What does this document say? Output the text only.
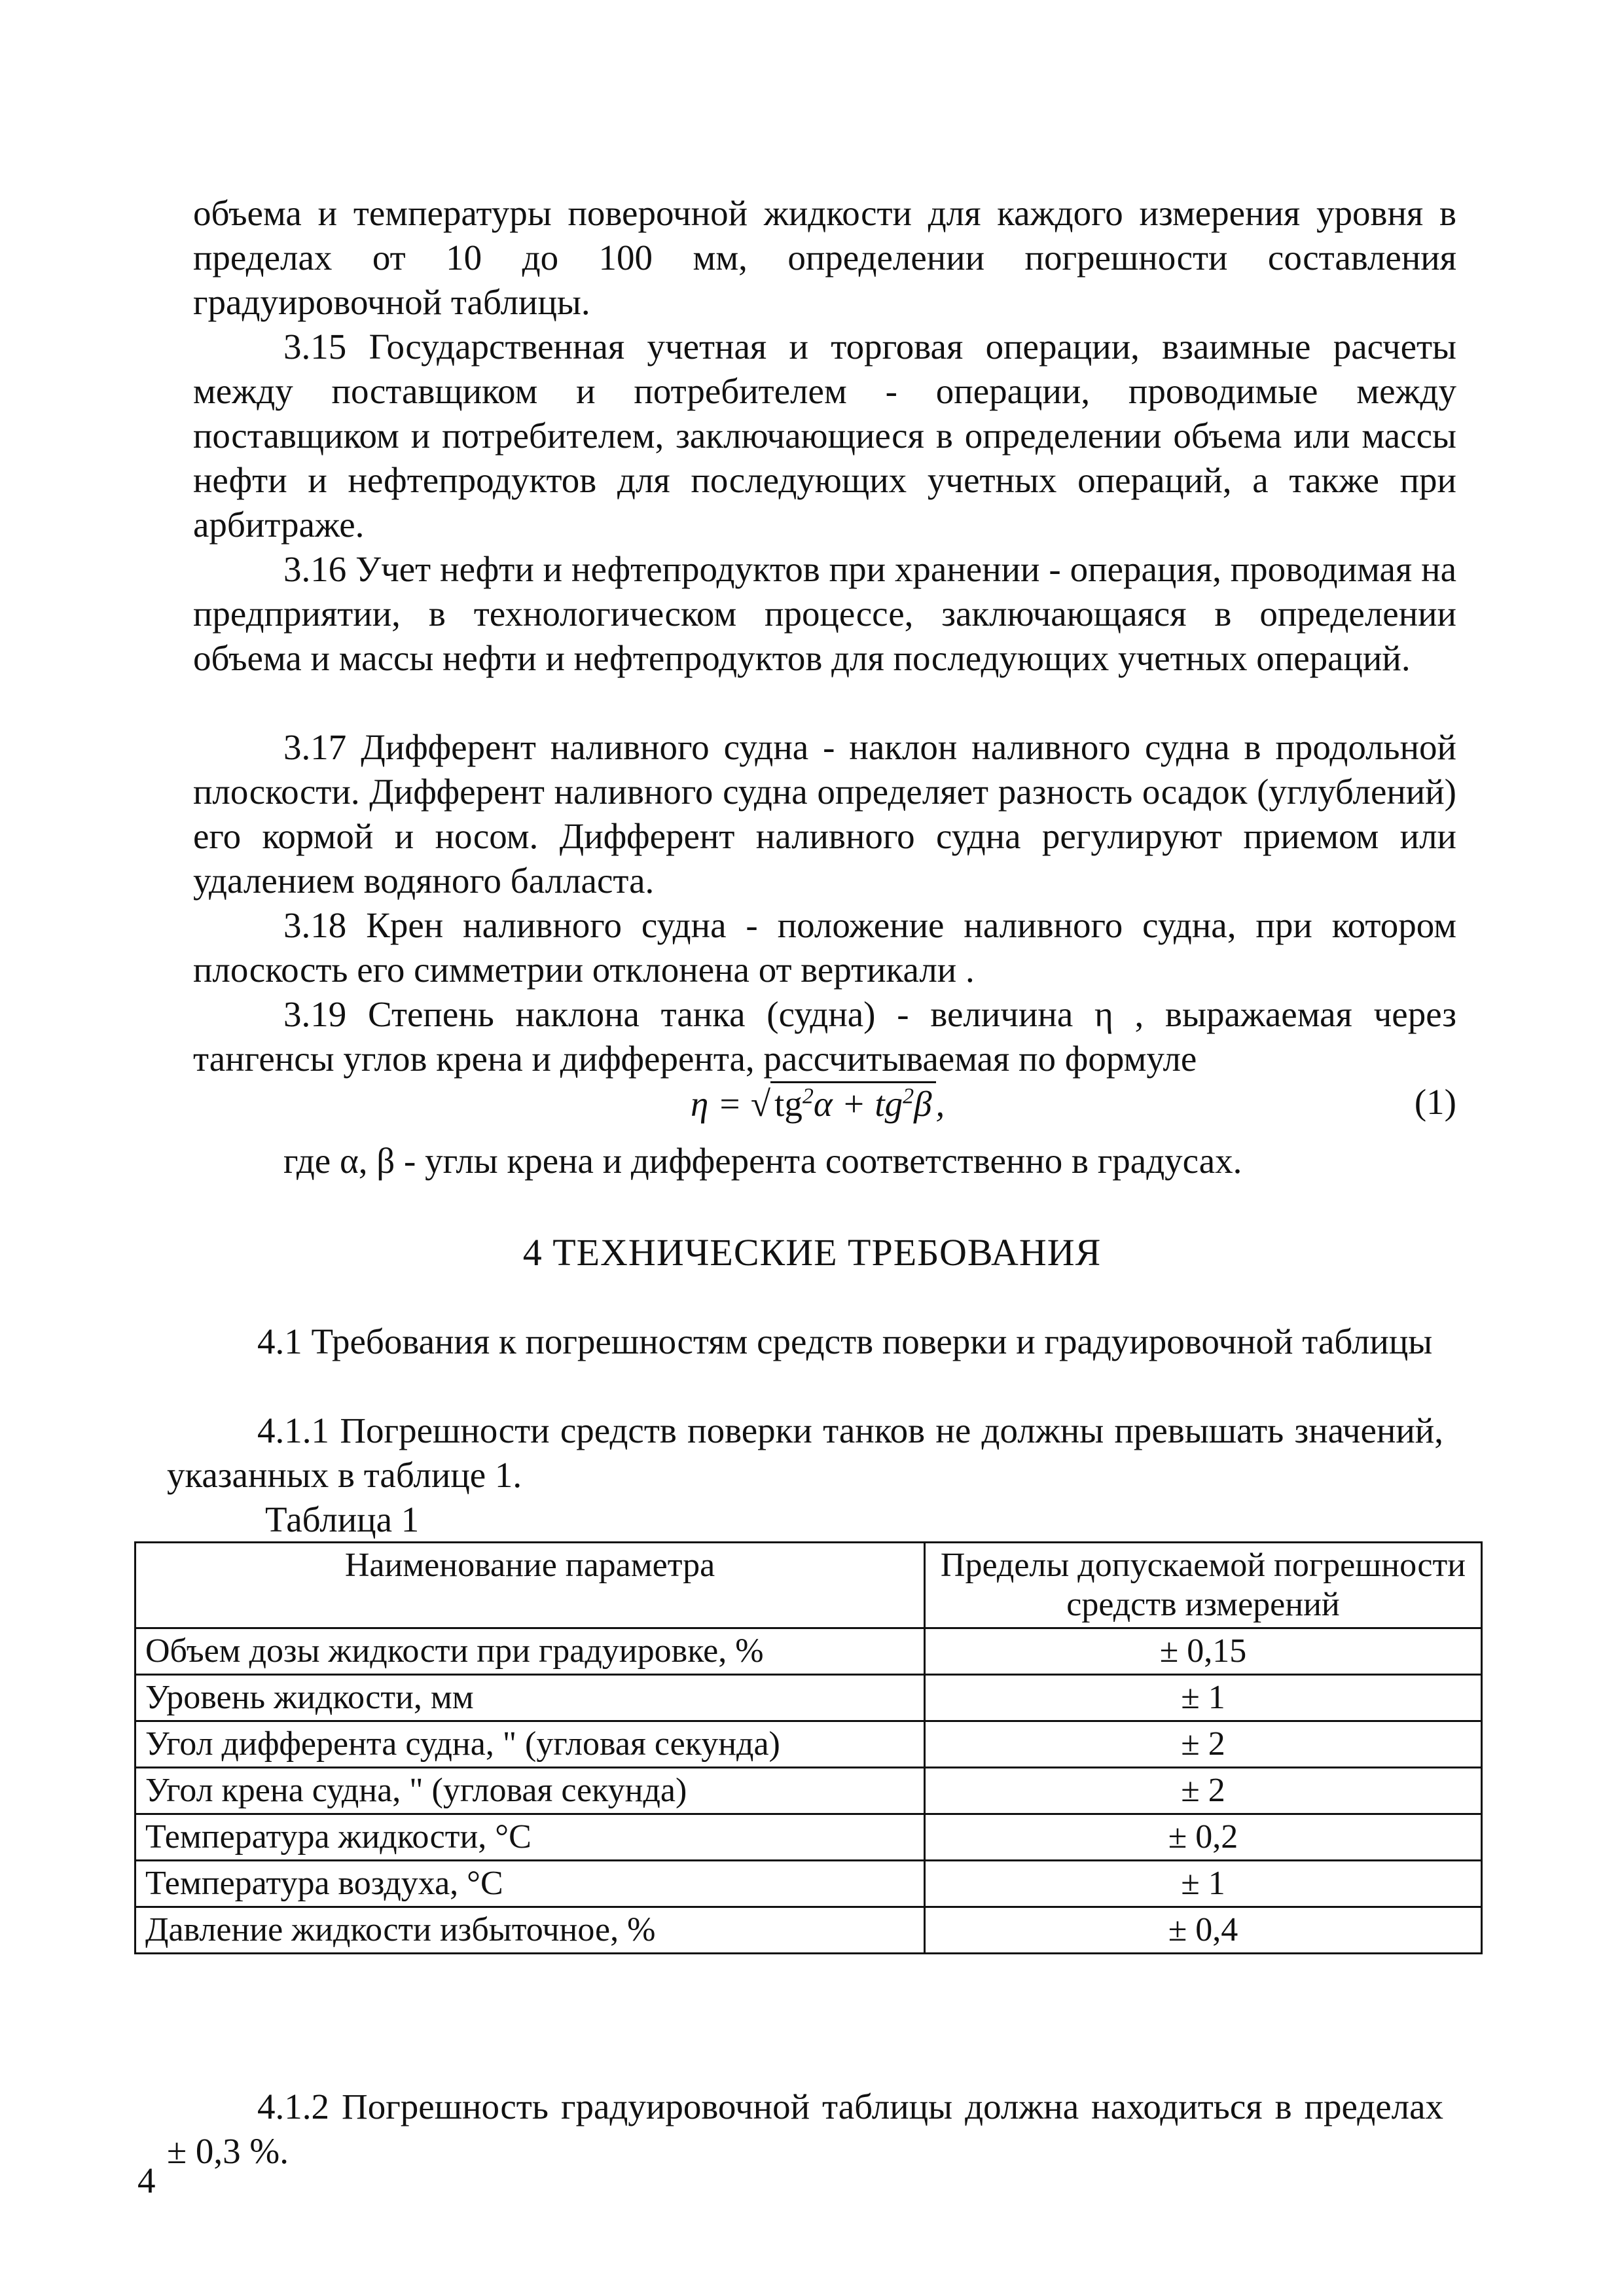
объема и температуры поверочной жидкости для каждого измерения уровня в пределах от 10 до 100 мм, определении погрешности составления градуировочной таблицы.

3.15 Государственная учетная и торговая операции, взаимные расчеты между поставщиком и потребителем - операции, проводимые между поставщиком и потребителем, заключающиеся в определении объема или массы нефти и нефтепродуктов для последующих учетных операций, а также при арбитраже.

3.16 Учет нефти и нефтепродуктов при хранении - операция, проводимая на предприятии, в технологическом процессе, заключающаяся в определении объема и массы нефти и нефтепродуктов для последующих учетных операций.

3.17 Дифферент наливного судна - наклон наливного судна в продольной плоскости. Дифферент наливного судна определяет разность осадок (углублений) его кормой и носом. Дифферент наливного судна регулируют приемом или удалением водяного балласта.

3.18 Крен наливного судна - положение наливного судна, при котором плоскость его симметрии отклонена от вертикали .

3.19 Степень наклона танка (судна) - величина η , выражаемая через тангенсы углов крена и дифферента, рассчитываемая по формуле

η = √ $tg^2\alpha + tg^2\beta$ ,	(1)

где α, β - углы крена и дифферента соответственно в градусах.

4 ТЕХНИЧЕСКИЕ ТРЕБОВАНИЯ

4.1 Требования к погрешностям средств поверки и градуировочной таблицы

4.1.1 Погрешности средств поверки танков не должны превышать значений, указанных в таблице 1.

Таблица 1
Наименование параметра	Пределы допускаемой погрешности средств измерений
Объем дозы жидкости при градуировке, %	± 0,15
Уровень жидкости, мм	± 1
Угол дифферента судна, " (угловая секунда)	± 2
Угол крена судна, " (угловая секунда)	± 2
Температура жидкости, °С	± 0,2
Температура воздуха, °С	± 1
Давление жидкости избыточное, %	± 0,4

4.1.2 Погрешность градуировочной таблицы должна находиться в пределах ± 0,3 %.

4
